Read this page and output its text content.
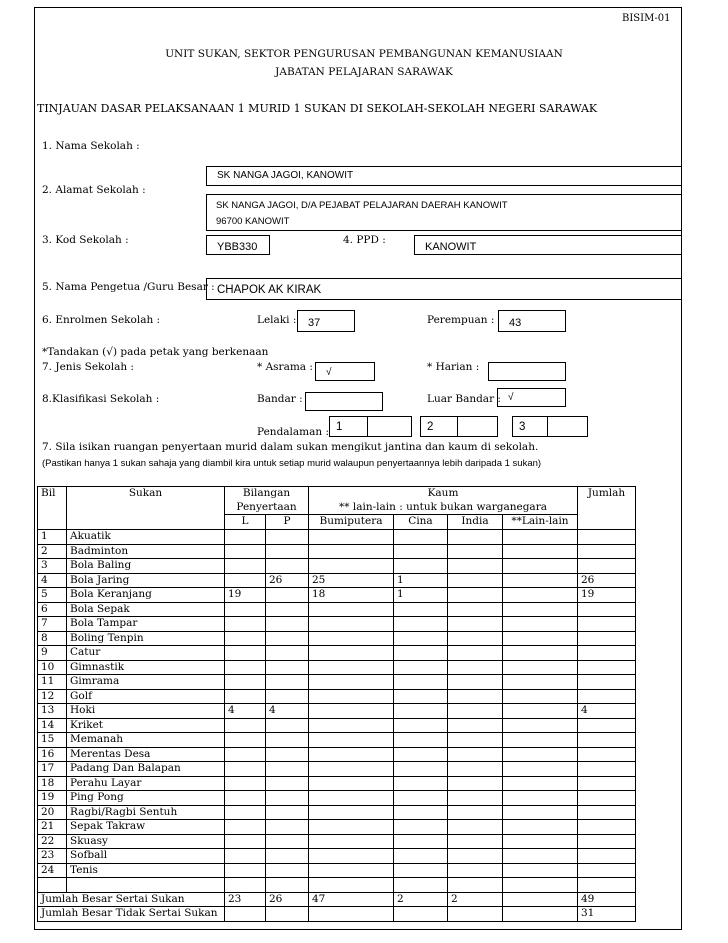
BISIM-01
UNIT SUKAN, SEKTOR PENGURUSAN PEMBANGUNAN KEMANUSIAAN
JABATAN PELAJARAN SARAWAK
TINJAUAN DASAR PELAKSANAAN 1 MURID 1 SUKAN DI SEKOLAH-SEKOLAH NEGERI SARAWAK
1. Nama Sekolah :
SK NANGA JAGOI, KANOWIT
2. Alamat Sekolah :
SK NANGA JAGOI, D/A PEJABAT PELAJARAN DAERAH KANOWIT
96700 KANOWIT
3. Kod Sekolah :
YBB330
4. PPD :
KANOWIT
5. Nama Pengetua /Guru Besar : CHAPOK AK KIRAK
6. Enrolmen Sekolah :	Lelaki :	37	Perempuan :	43
*Tandakan (√) pada petak yang berkenaan
7. Jenis Sekolah :	* Asrama :	√	* Harian :
8.Klasifikasi Sekolah :	Bandar :	Luar Bandar : √
Pendalaman : 1	2	3
7. Sila isikan ruangan penyertaan murid dalam sukan mengikut jantina dan kaum di sekolah.
(Pastikan hanya 1 sukan sahaja yang diambil kira untuk setiap murid walaupun penyertaannya lebih daripada 1 sukan)
Bil	Sukan	Bilangan		Kaum				Jumlah
		Penyertaan		** lain-lain : untuk bukan warganegara				
		L	P	Bumiputera	Cina	India	**Lain-lain	
1	Akuatik							
2	Badminton							
3	Bola Baling							
4	Bola Jaring		26	25	1			26
5	Bola Keranjang	19		18	1			19
6	Bola Sepak							
7	Bola Tampar							
8	Boling Tenpin							
9	Catur							
10	Gimnastik							
11	Gimrama							
12	Golf							
13	Hoki	4	4					4
14	Kriket							
15	Memanah							
16	Merentas Desa							
17	Padang Dan Balapan							
18	Perahu Layar							
19	Ping Pong							
20	Ragbi/Ragbi Sentuh							
21	Sepak Takraw							
22	Skuasy							
23	Sofball							
24	Tenis							

Jumlah Besar Sertai Sukan		23	26	47	2	2		49
Jumlah Besar Tidak Sertai Sukan								31
